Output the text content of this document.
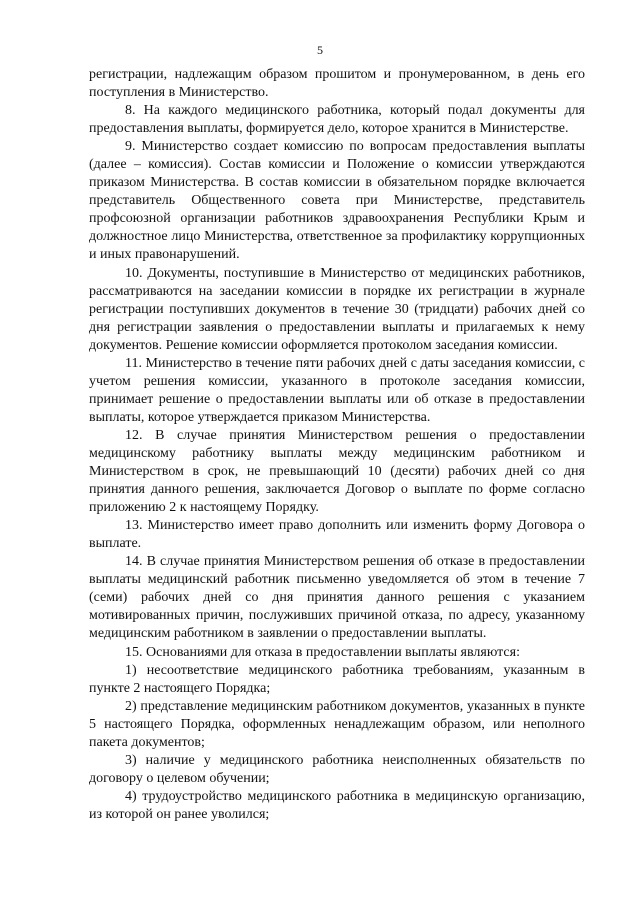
5

регистрации, надлежащим образом прошитом и пронумерованном, в день его поступления в Министерство.

8. На каждого медицинского работника, который подал документы для предоставления выплаты, формируется дело, которое хранится в Министерстве.

9. Министерство создает комиссию по вопросам предоставления выплаты (далее – комиссия). Состав комиссии и Положение о комиссии утверждаются приказом Министерства. В состав комиссии в обязательном порядке включается представитель Общественного совета при Министерстве, представитель профсоюзной организации работников здравоохранения Республики Крым и должностное лицо Министерства, ответственное за профилактику коррупционных и иных правонарушений.

10. Документы, поступившие в Министерство от медицинских работников, рассматриваются на заседании комиссии в порядке их регистрации в журнале регистрации поступивших документов в течение 30 (тридцати) рабочих дней со дня регистрации заявления о предоставлении выплаты и прилагаемых к нему документов. Решение комиссии оформляется протоколом заседания комиссии.

11. Министерство в течение пяти рабочих дней с даты заседания комиссии, с учетом решения комиссии, указанного в протоколе заседания комиссии, принимает решение о предоставлении выплаты или об отказе в предоставлении выплаты, которое утверждается приказом Министерства.

12. В случае принятия Министерством решения о предоставлении медицинскому работнику выплаты между медицинским работником и Министерством в срок, не превышающий 10 (десяти) рабочих дней со дня принятия данного решения, заключается Договор о выплате по форме согласно приложению 2 к настоящему Порядку.

13. Министерство имеет право дополнить или изменить форму Договора о выплате.

14. В случае принятия Министерством решения об отказе в предоставлении выплаты медицинский работник письменно уведомляется об этом в течение 7 (семи) рабочих дней со дня принятия данного решения с указанием мотивированных причин, послуживших причиной отказа, по адресу, указанному медицинским работником в заявлении о предоставлении выплаты.

15. Основаниями для отказа в предоставлении выплаты являются:

1) несоответствие медицинского работника требованиям, указанным в пункте 2 настоящего Порядка;

2) представление медицинским работником документов, указанных в пункте 5 настоящего Порядка, оформленных ненадлежащим образом, или неполного пакета документов;

3) наличие у медицинского работника неисполненных обязательств по договору о целевом обучении;

4) трудоустройство медицинского работника в медицинскую организацию, из которой он ранее уволился;
